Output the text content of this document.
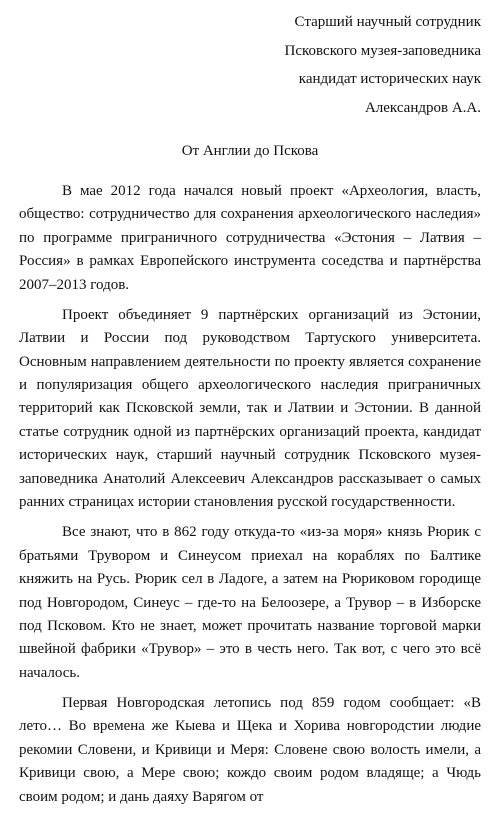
Старший научный сотрудник
Псковского музея-заповедника
кандидат исторических наук
Александров А.А.
От Англии до Пскова

В мае 2012 года начался новый проект «Археология, власть, общество: сотрудничество для сохранения археологического наследия» по программе приграничного сотрудничества «Эстония – Латвия – Россия» в рамках Европейского инструмента соседства и партнёрства 2007–2013 годов.

Проект объединяет 9 партнёрских организаций из Эстонии, Латвии и России под руководством Тартуского университета. Основным направлением деятельности по проекту является сохранение и популяризация общего археологического наследия приграничных территорий как Псковской земли, так и Латвии и Эстонии. В данной статье сотрудник одной из партнёрских организаций проекта, кандидат исторических наук, старший научный сотрудник Псковского музея-заповедника Анатолий Алексеевич Александров рассказывает о самых ранних страницах истории становления русской государственности.

Все знают, что в 862 году откуда-то «из-за моря» князь Рюрик с братьями Трувором и Синеусом приехал на кораблях по Балтике княжить на Русь. Рюрик сел в Ладоге, а затем на Рюриковом городище под Новгородом, Синеус – где-то на Белоозере, а Трувор – в Изборске под Псковом. Кто не знает, может прочитать название торговой марки швейной фабрики «Трувор» – это в честь него. Так вот, с чего это всё началось.

Первая Новгородская летопись под 859 годом сообщает: «В лето… Во времена же Кыева и Щека и Хорива новгородстии людие рекомии Словени, и Кривици и Меря: Словене свою волость имели, а Кривици свою, а Мере свою; кождо своим родом владяще; а Чюдь своим родом; и дань даяху Варягом от
